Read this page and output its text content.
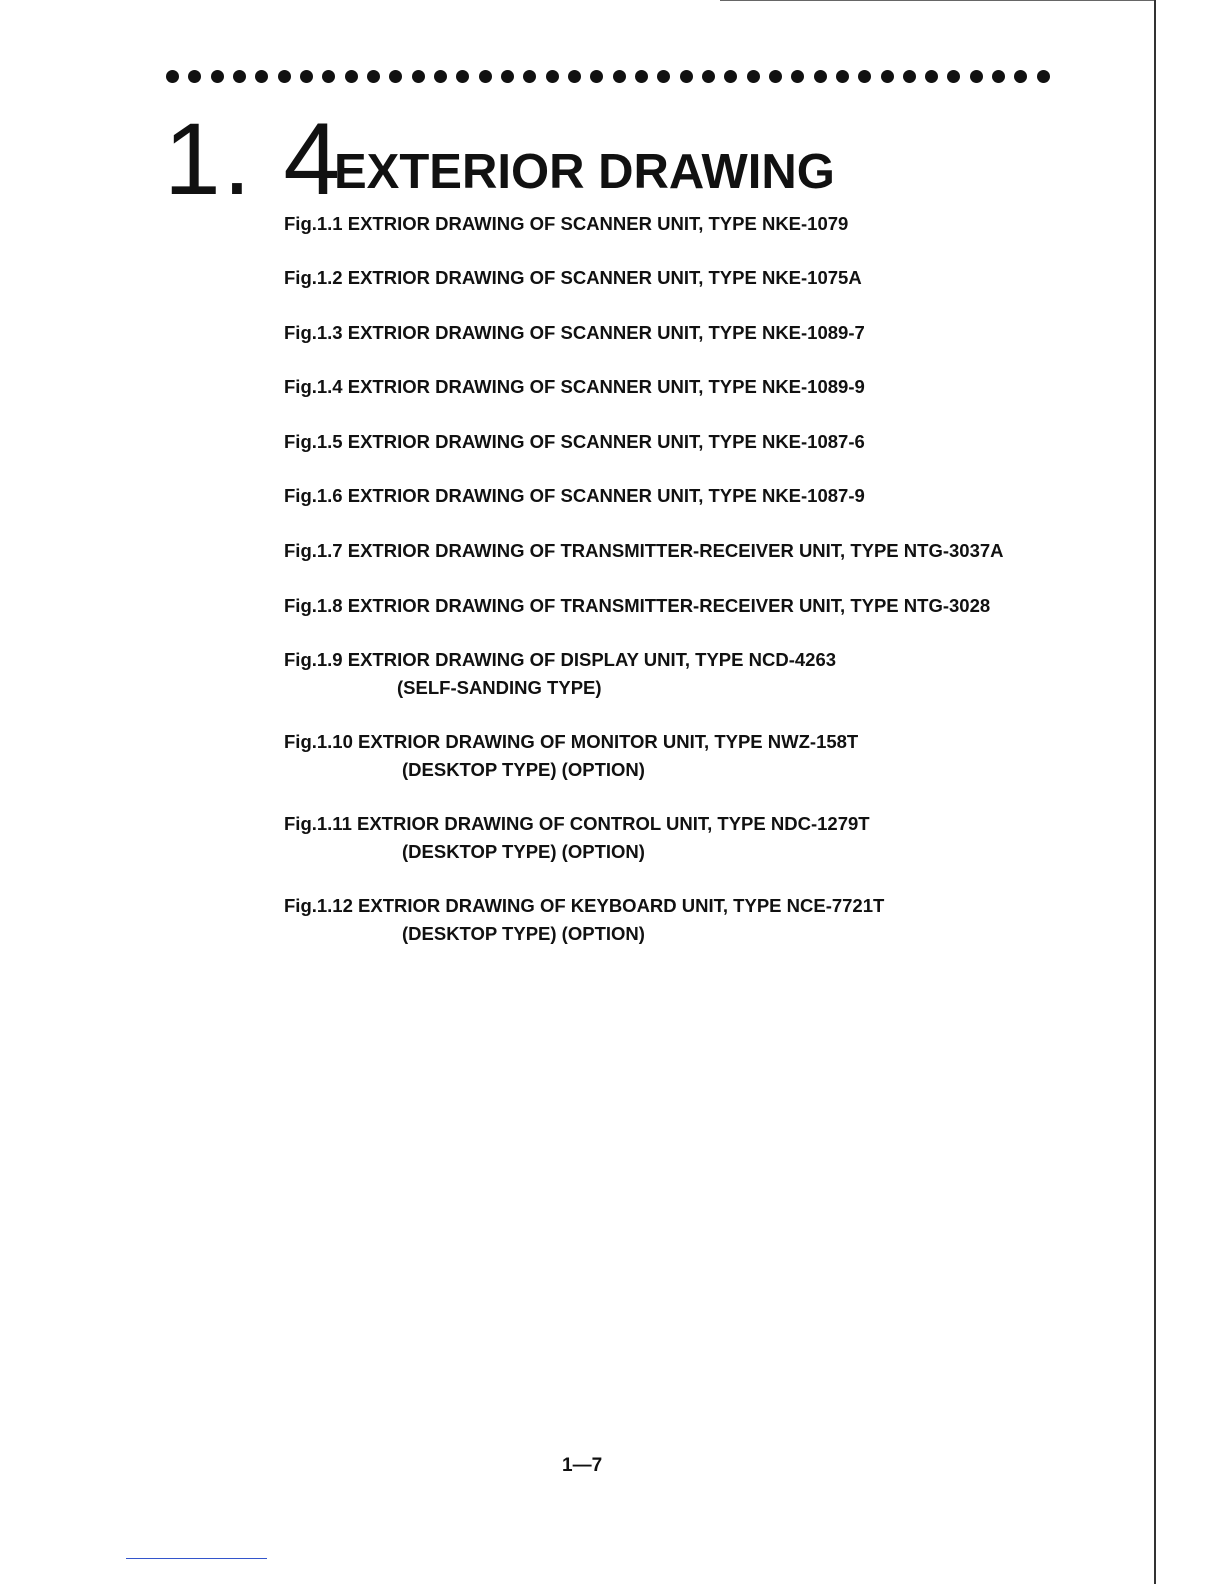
1. 4
EXTERIOR DRAWING
Fig.1.1 EXTRIOR DRAWING OF SCANNER UNIT, TYPE NKE-1079
Fig.1.2 EXTRIOR DRAWING OF SCANNER UNIT, TYPE NKE-1075A
Fig.1.3 EXTRIOR DRAWING OF SCANNER UNIT, TYPE NKE-1089-7
Fig.1.4 EXTRIOR DRAWING OF SCANNER UNIT, TYPE NKE-1089-9
Fig.1.5 EXTRIOR DRAWING OF SCANNER UNIT, TYPE NKE-1087-6
Fig.1.6 EXTRIOR DRAWING OF SCANNER UNIT, TYPE NKE-1087-9
Fig.1.7 EXTRIOR DRAWING OF TRANSMITTER-RECEIVER UNIT, TYPE NTG-3037A
Fig.1.8 EXTRIOR DRAWING OF TRANSMITTER-RECEIVER UNIT, TYPE NTG-3028
Fig.1.9 EXTRIOR DRAWING OF DISPLAY UNIT, TYPE NCD-4263
(SELF-SANDING TYPE)
Fig.1.10 EXTRIOR DRAWING OF MONITOR UNIT, TYPE NWZ-158T
(DESKTOP TYPE) (OPTION)
Fig.1.11 EXTRIOR DRAWING OF CONTROL UNIT, TYPE NDC-1279T
(DESKTOP TYPE) (OPTION)
Fig.1.12 EXTRIOR DRAWING OF KEYBOARD UNIT, TYPE NCE-7721T
(DESKTOP TYPE) (OPTION)
1—7
